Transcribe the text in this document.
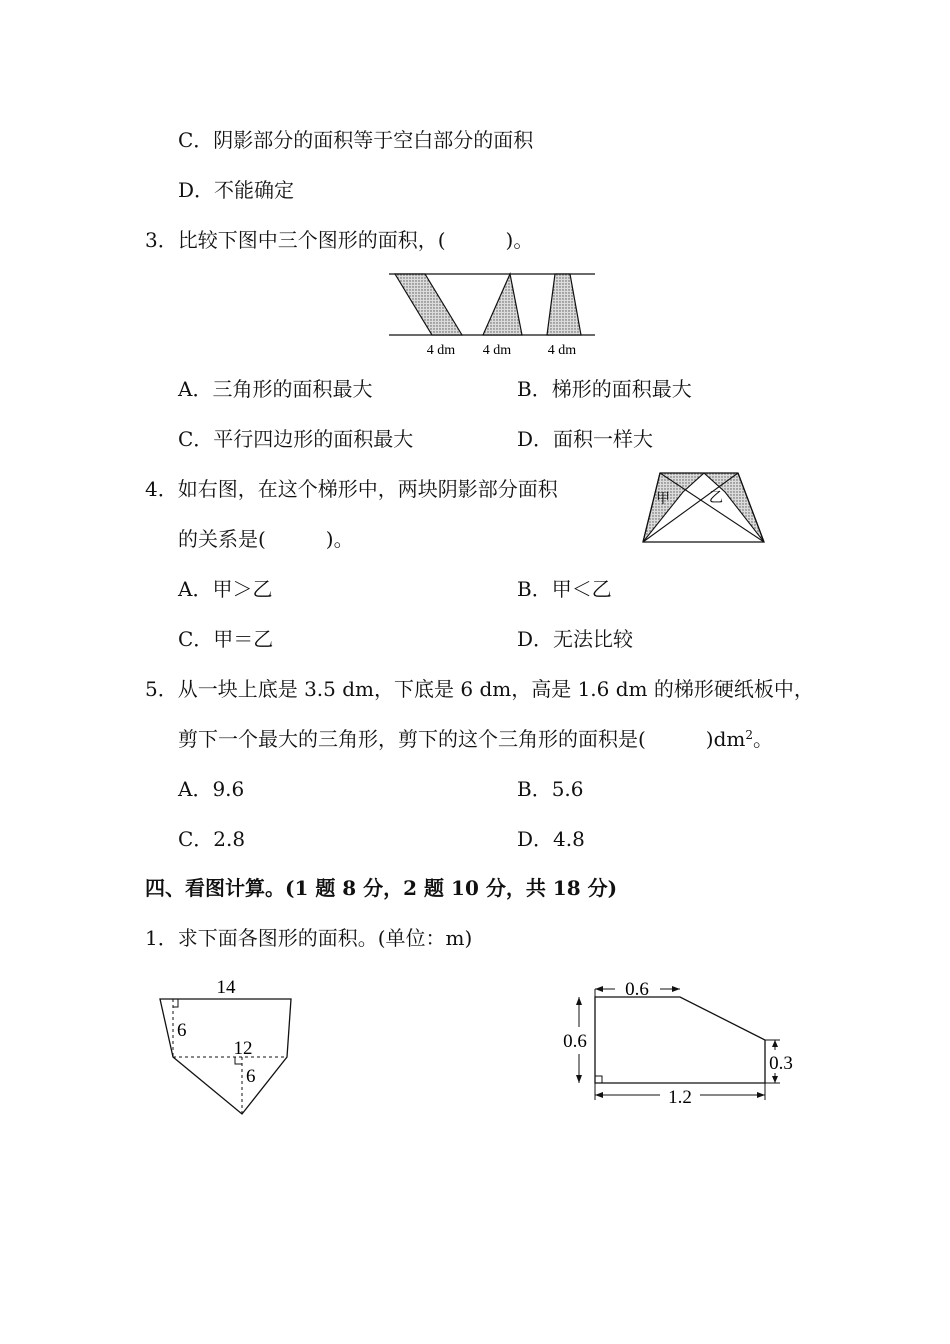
C．阴影部分的面积等于空白部分的面积
D．不能确定
3．比较下图中三个图形的面积，(　　　)。
4 dm 4 dm	4 dm
A．三角形的面积最大	B．梯形的面积最大
C．平行四边形的面积最大	D．面积一样大
4．如右图，在这个梯形中，两块阴影部分面积
的关系是(　　　)。
甲	乙
A．甲＞乙	B．甲＜乙
C．甲＝乙	D．无法比较
5．从一块上底是 3.5 dm，下底是 6 dm，高是 1.6 dm 的梯形硬纸板中，
剪下一个最大的三角形，剪下的这个三角形的面积是(　　　)$dm^2$。
A．9.6	B．5.6
C．2.8	D．4.8
四、看图计算。(1 题 8 分，2 题 10 分，共 18 分)
1．求下面各图形的面积。(单位：m)
14
6
12
6
0.6
0.6
0.3
1.2
